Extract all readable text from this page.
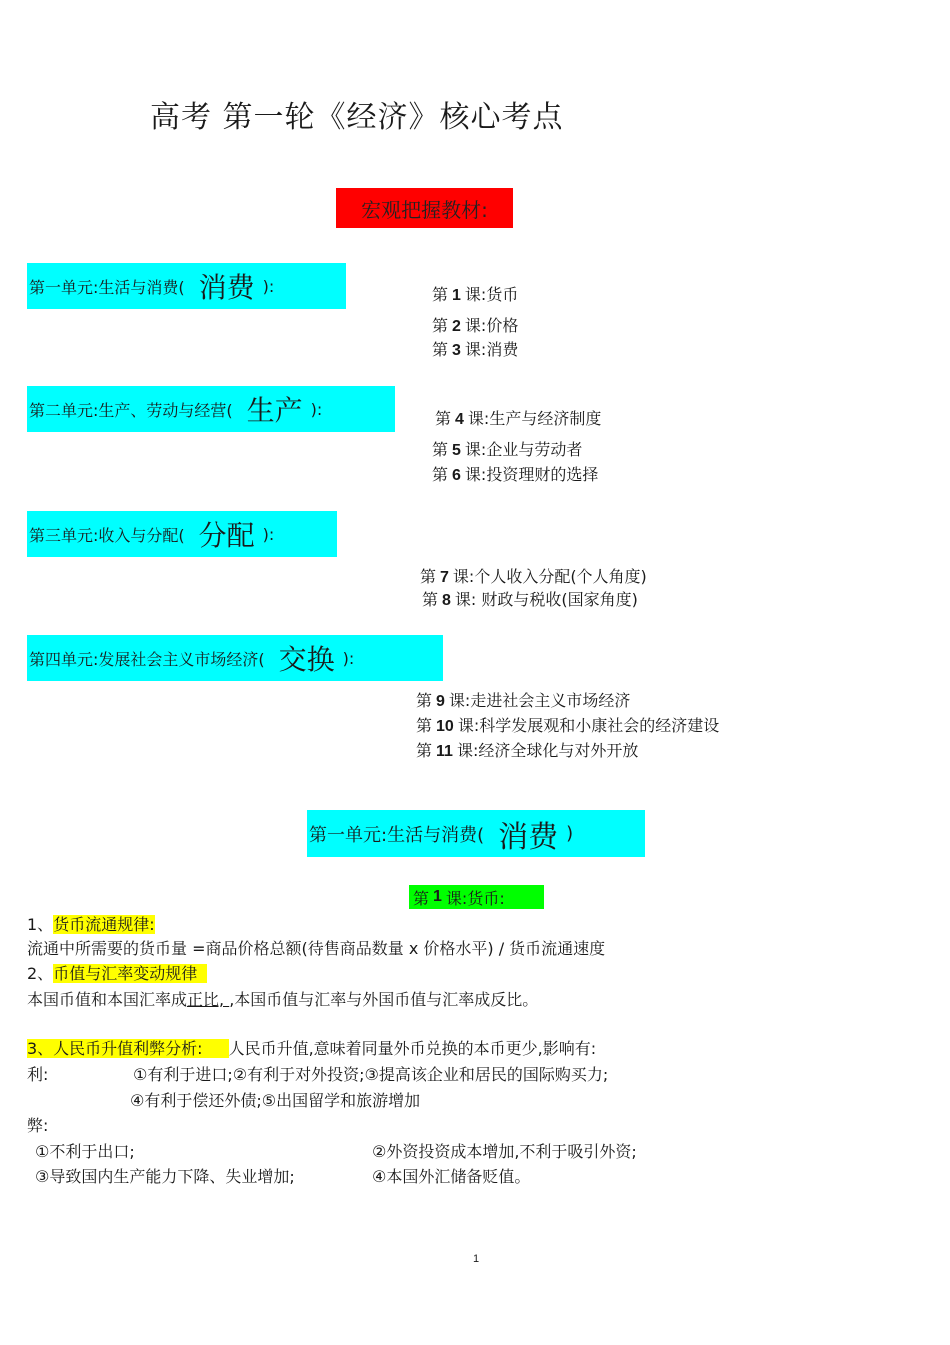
高考 第一轮《经济》核心考点
宏观把握教材:
第一单元:生活与消费( 消费 ):	第 1 课:货币
第 2 课:价格
第 3 课:消费
第二单元:生产、劳动与经营( 生产 ):	第 4 课:生产与经济制度
第 5 课:企业与劳动者
第 6 课:投资理财的选择
第三单元:收入与分配( 分配 ):
第 7 课:个人收入分配(个人角度)
第 8 课: 财政与税收(国家角度)
第四单元:发展社会主义市场经济( 交换 ):
第 9 课:走进社会主义市场经济
第 10 课:科学发展观和小康社会的经济建设
第 11 课:经济全球化与对外开放
第一单元:生活与消费( 消费 )
第 1 课:货币:
1、货币流通规律:
流通中所需要的货币量 =商品价格总额(待售商品数量 x 价格水平) / 货币流通速度
2、币值与汇率变动规律
本国币值和本国汇率成正比, ,本国币值与汇率与外国币值与汇率成反比。
3、人民币升值利弊分析: 人民币升值,意味着同量外币兑换的本币更少,影响有:
利:	①有利于进口;②有利于对外投资;③提高该企业和居民的国际购买力;
④有利于偿还外债;⑤出国留学和旅游增加
弊:
①不利于出口;	②外资投资成本增加,不利于吸引外资;
③导致国内生产能力下降、失业增加;	④本国外汇储备贬值。
1
